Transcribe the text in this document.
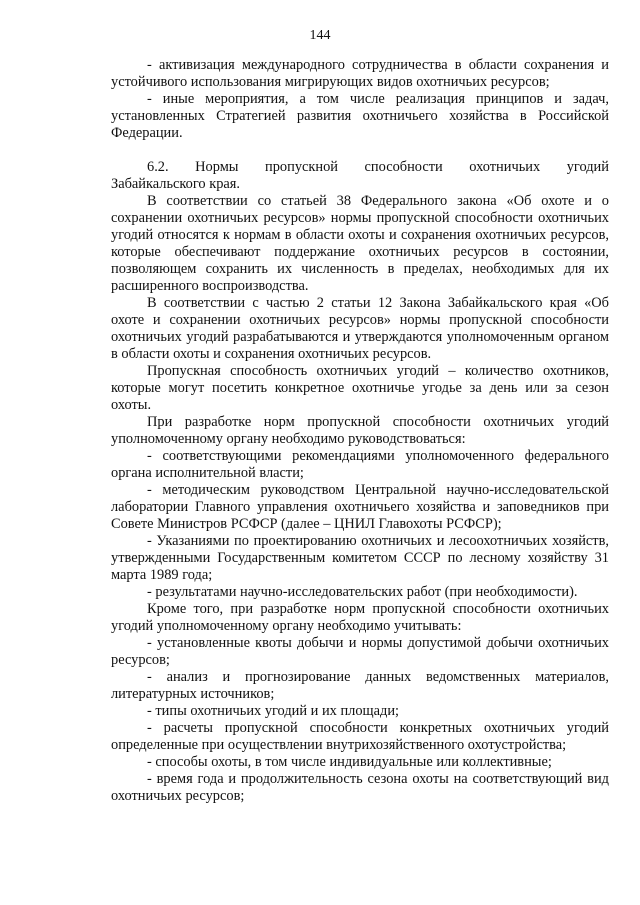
144

- активизация международного сотрудничества в области сохранения и устойчивого использования мигрирующих видов охотничьих ресурсов;

- иные мероприятия, а том числе реализация принципов и задач, установленных Стратегией развития охотничьего хозяйства в Российской Федерации.

6.2. Нормы пропускной способности охотничьих угодий

Забайкальского края.

В соответствии со статьей 38 Федерального закона «Об охоте и о сохранении охотничьих ресурсов» нормы пропускной способности охотничьих угодий относятся к нормам в области охоты и сохранения охотничьих ресурсов, которые обеспечивают поддержание охотничьих ресурсов в состоянии, позволяющем сохранить их численность в пределах, необходимых для их расширенного воспроизводства.

В соответствии с частью 2 статьи 12 Закона Забайкальского края «Об охоте и сохранении охотничьих ресурсов» нормы пропускной способности охотничьих угодий разрабатываются и утверждаются уполномоченным органом в области охоты и сохранения охотничьих ресурсов.

Пропускная способность охотничьих угодий – количество охотников, которые могут посетить конкретное охотничье угодье за день или за сезон охоты.

При разработке норм пропускной способности охотничьих угодий уполномоченному органу необходимо руководствоваться:

- соответствующими рекомендациями уполномоченного федерального органа исполнительной власти;

- методическим руководством Центральной научно-исследовательской лаборатории Главного управления охотничьего хозяйства и заповедников при Совете Министров РСФСР (далее – ЦНИЛ Главохоты РСФСР);

- Указаниями по проектированию охотничьих и лесоохотничьих хозяйств, утвержденными Государственным комитетом СССР по лесному хозяйству 31 марта 1989 года;

- результатами научно-исследовательских работ (при необходимости).

Кроме того, при разработке норм пропускной способности охотничьих угодий уполномоченному органу необходимо учитывать:

- установленные квоты добычи и нормы допустимой добычи охотничьих ресурсов;

- анализ и прогнозирование данных ведомственных материалов, литературных источников;

- типы охотничьих угодий и их площади;

- расчеты пропускной способности конкретных охотничьих угодий определенные при осуществлении внутрихозяйственного охотустройства;

- способы охоты, в том числе индивидуальные или коллективные;

- время года и продолжительность сезона охоты на соответствующий вид охотничьих ресурсов;
